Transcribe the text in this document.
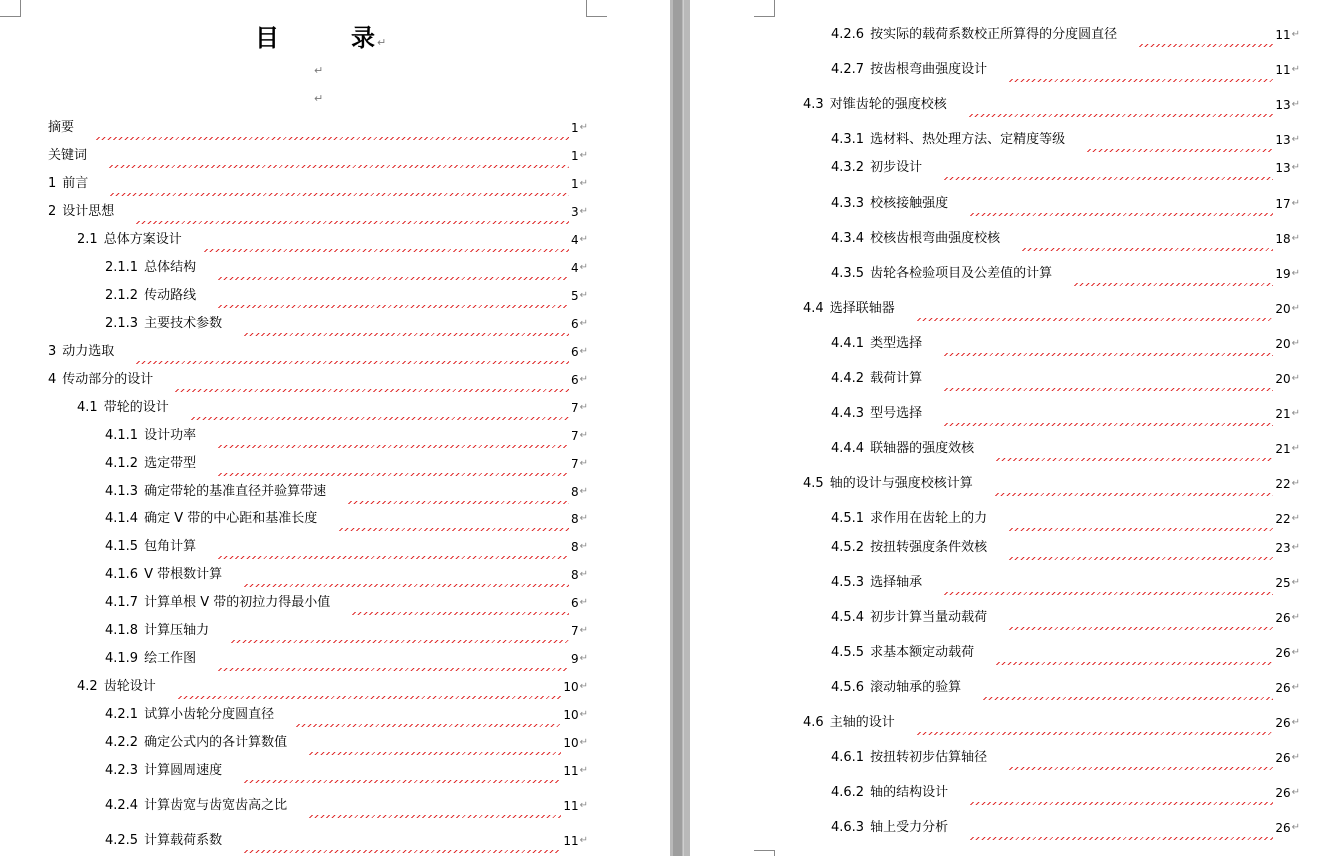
目	录↵
↵
↵
摘要	1 ↵
关键词	1 ↵
1 前言	1 ↵
2 设计思想	3 ↵
2.1 总体方案设计	4 ↵
2.1.1 总体结构	4 ↵
2.1.2 传动路线	5 ↵
2.1.3 主要技术参数	6 ↵
3 动力选取	6 ↵
4 传动部分的设计	6 ↵
4.1 带轮的设计	7 ↵
4.1.1 设计功率	7 ↵
4.1.2 选定带型	7 ↵
4.1.3 确定带轮的基准直径并验算带速	8 ↵
4.1.4 确定 V 带的中心距和基准长度	8 ↵
4.1.5 包角计算	8 ↵
4.1.6 V 带根数计算	8 ↵
4.1.7 计算单根 V 带的初拉力得最小值	6 ↵
4.1.8 计算压轴力	7 ↵
4.1.9 绘工作图	9 ↵
4.2 齿轮设计	10 ↵
4.2.1 试算小齿轮分度圆直径	10 ↵
4.2.2 确定公式内的各计算数值	10 ↵
4.2.3 计算圆周速度	11 ↵
4.2.4 计算齿宽与齿宽齿高之比	11 ↵
4.2.5 计算载荷系数	11 ↵
4.2.6 按实际的载荷系数校正所算得的分度圆直径	11 ↵
4.2.7 按齿根弯曲强度设计	11 ↵
4.3 对锥齿轮的强度校核	13 ↵
4.3.1 选材料、热处理方法、定精度等级	13 ↵
4.3.2 初步设计	13 ↵
4.3.3 校核接触强度	17 ↵
4.3.4 校核齿根弯曲强度校核	18 ↵
4.3.5 齿轮各检验项目及公差值的计算	19 ↵
4.4 选择联轴器	20 ↵
4.4.1 类型选择	20 ↵
4.4.2 载荷计算	20 ↵
4.4.3 型号选择	21 ↵
4.4.4 联轴器的强度效核	21 ↵
4.5 轴的设计与强度校核计算	22 ↵
4.5.1 求作用在齿轮上的力	22 ↵
4.5.2 按扭转强度条件效核	23 ↵
4.5.3 选择轴承	25 ↵
4.5.4 初步计算当量动载荷	26 ↵
4.5.5 求基本额定动载荷	26 ↵
4.5.6 滚动轴承的验算	26 ↵
4.6 主轴的设计	26 ↵
4.6.1 按扭转初步估算轴径	26 ↵
4.6.2 轴的结构设计	26 ↵
4.6.3 轴上受力分析	26 ↵
